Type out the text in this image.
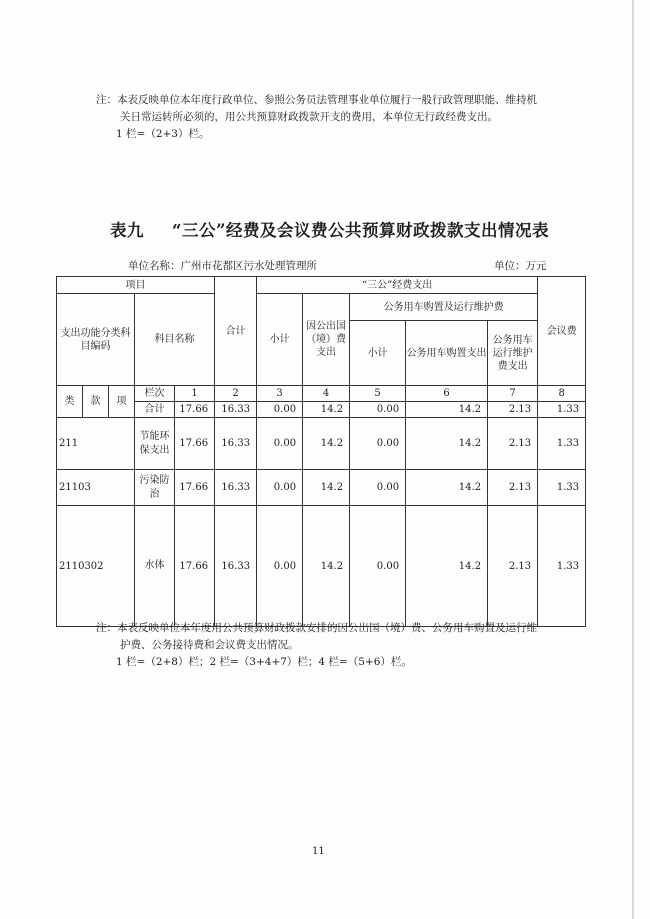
注：本表反映单位本年度行政单位、参照公务员法管理事业单位履行一般行政管理职能、维持机
关日常运转所必须的，用公共预算财政拨款开支的费用，本单位无行政经费支出。
1 栏=（2+3）栏。
表九 “三公”经费及会议费公共预算财政拨款支出情况表
单位名称：广州市花都区污水处理管理所	单位：万元
项目					合计	“三公”经费支出					会议费	
支出功能分类科目编码			科目名称			小计	因公出国（境）费支出	公务用车购置及运行维护费	
								小计	公务用车购置支出	公务用车运行维护费支出		
类	款	项	栏次	1	2	3	4	5	6	7	8	
			合计	17.66	16.33	0.00	14.2	0.00	14.2	2.13	1.33	
211			节能环保支出	17.66	16.33	0.00	14.2	0.00	14.2	2.13	1.33	
21103			污染防治	17.66	16.33	0.00	14.2	0.00	14.2	2.13	1.33	
2110302			水体	17.66	16.33	0.00	14.2	0.00	14.2	2.13	1.33	
注：本表反映单位本年度用公共预算财政拨款安排的因公出国（境）费、公务用车购置及运行维
护费、公务接待费和会议费支出情况。
1 栏=（2+8）栏；2 栏=（3+4+7）栏；4 栏=（5+6）栏。
11
